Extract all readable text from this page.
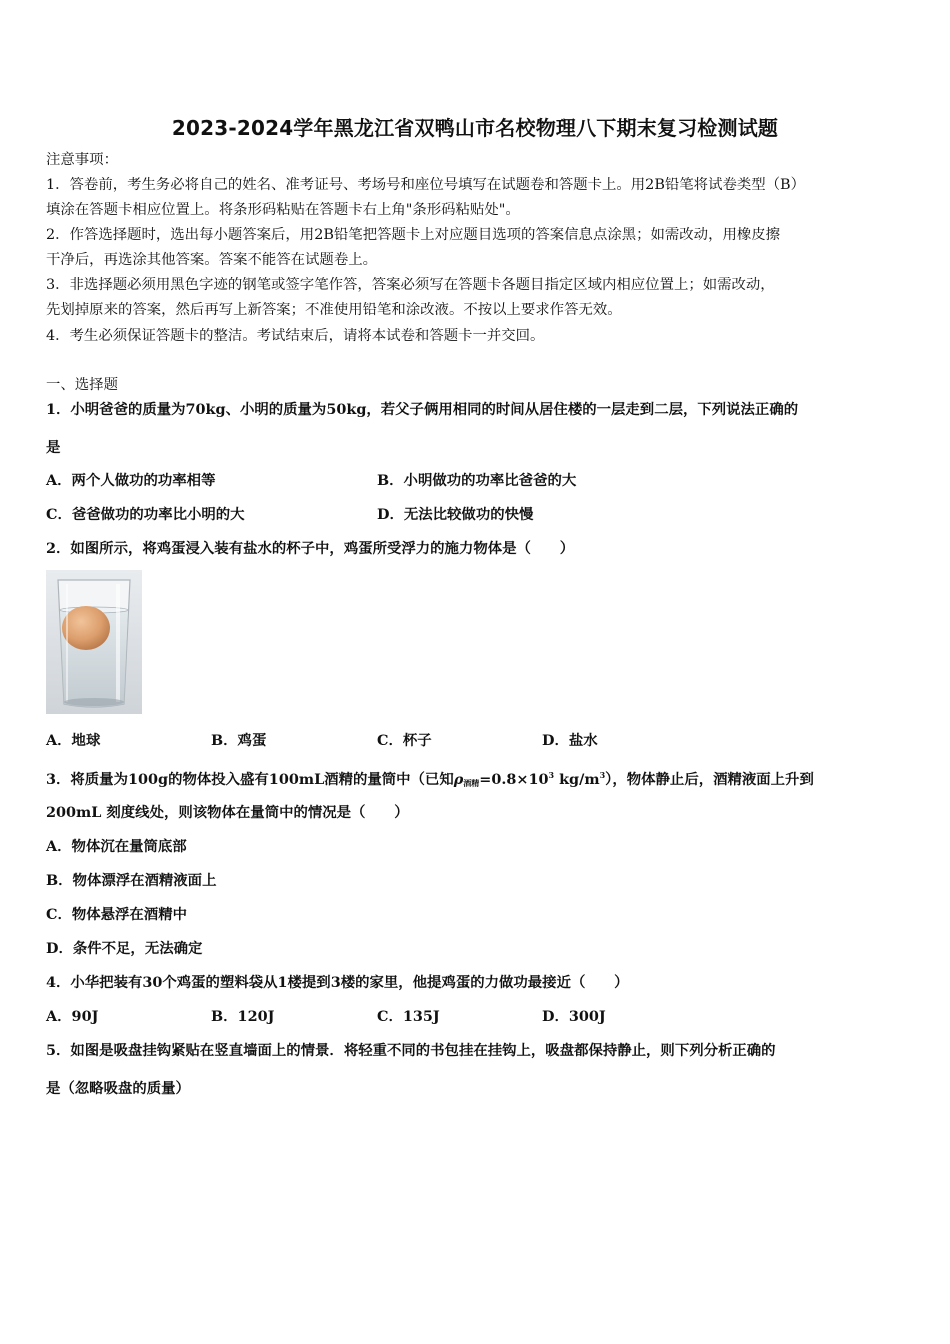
2023-2024学年黑龙江省双鸭山市名校物理八下期末复习检测试题
注意事项：
1．答卷前，考生务必将自己的姓名、准考证号、考场号和座位号填写在试题卷和答题卡上。用2B铅笔将试卷类型（B）
填涂在答题卡相应位置上。将条形码粘贴在答题卡右上角"条形码粘贴处"。
2．作答选择题时，选出每小题答案后，用2B铅笔把答题卡上对应题目选项的答案信息点涂黑；如需改动，用橡皮擦
干净后，再选涂其他答案。答案不能答在试题卷上。
3．非选择题必须用黑色字迹的钢笔或签字笔作答，答案必须写在答题卡各题目指定区域内相应位置上；如需改动，
先划掉原来的答案，然后再写上新答案；不准使用铅笔和涂改液。不按以上要求作答无效。
4．考生必须保证答题卡的整洁。考试结束后，请将本试卷和答题卡一并交回。
一、选择题
1．小明爸爸的质量为70kg、小明的质量为50kg，若父子俩用相同的时间从居住楼的一层走到二层，下列说法正确的
是
A．两个人做功的功率相等	B．小明做功的功率比爸爸的大
C．爸爸做功的功率比小明的大	D．无法比较做功的快慢
2．如图所示，将鸡蛋浸入装有盐水的杯子中，鸡蛋所受浮力的施力物体是（　　）
A．地球	B．鸡蛋	C．杯子	D．盐水
3．将质量为100g的物体投入盛有100mL酒精的量筒中（已知$\rho_{酒精}=0.8\times 10^3$ $kg/m^3$），物体静止后，酒精液面上升到
200mL 刻度线处，则该物体在量筒中的情况是（　　）
A．物体沉在量筒底部
B．物体漂浮在酒精液面上
C．物体悬浮在酒精中
D．条件不足，无法确定
4．小华把装有30个鸡蛋的塑料袋从1楼提到3楼的家里，他提鸡蛋的力做功最接近（　　）
A．90J	B．120J	C．135J	D．300J
5．如图是吸盘挂钩紧贴在竖直墙面上的情景．将轻重不同的书包挂在挂钩上，吸盘都保持静止，则下列分析正确的
是（忽略吸盘的质量）
